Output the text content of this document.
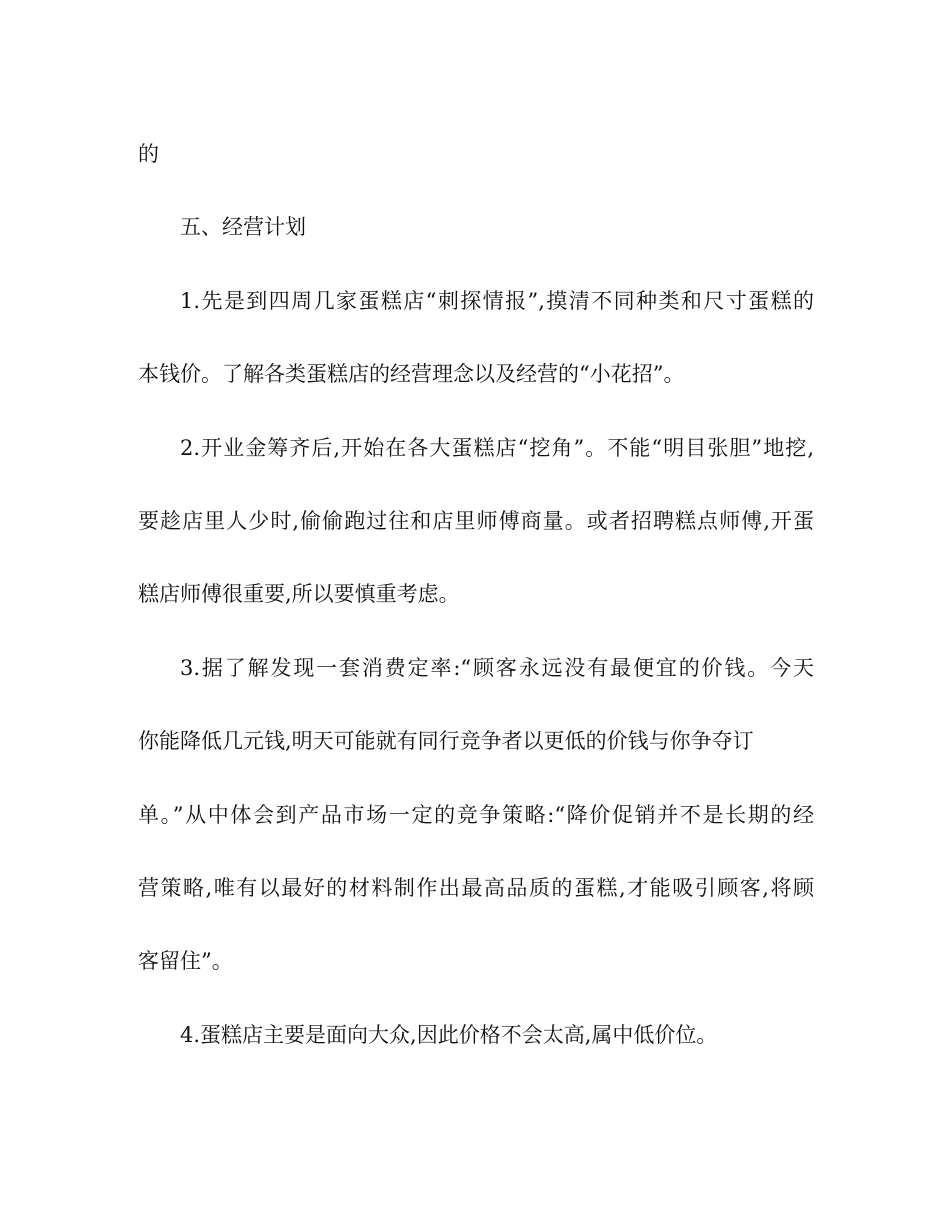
的
五、经营计划
1.先是到四周几家蛋糕店“刺探情报”,摸清不同种类和尺寸蛋糕的
本钱价。了解各类蛋糕店的经营理念以及经营的“小花招”。
2.开业金筹齐后,开始在各大蛋糕店“挖角”。不能“明目张胆”地挖,
要趁店里人少时,偷偷跑过往和店里师傅商量。或者招聘糕点师傅,开蛋
糕店师傅很重要,所以要慎重考虑。
3.据了解发现一套消费定率:“顾客永远没有最便宜的价钱。今天
你能降低几元钱,明天可能就有同行竞争者以更低的价钱与你争夺订
单。”从中体会到产品市场一定的竞争策略:“降价促销并不是长期的经
营策略,唯有以最好的材料制作出最高品质的蛋糕,才能吸引顾客,将顾
客留住”。
4.蛋糕店主要是面向大众,因此价格不会太高,属中低价位。
